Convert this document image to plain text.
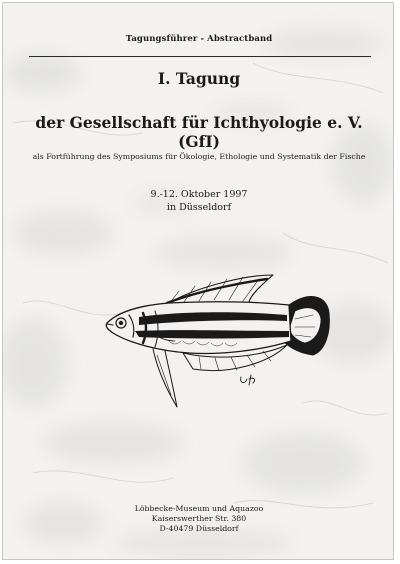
Tagungsführer - Abstractband
I. Tagung
der Gesellschaft für Ichthyologie e. V.
(GfI)
als Fortführung des Symposiums für Ökologie, Ethologie und Systematik der Fische
9.-12. Oktober 1997
in Düsseldorf
Löbbecke-Museum und Aquazoo
Kaiserswerther Str. 380
D-40479 Düsseldorf
